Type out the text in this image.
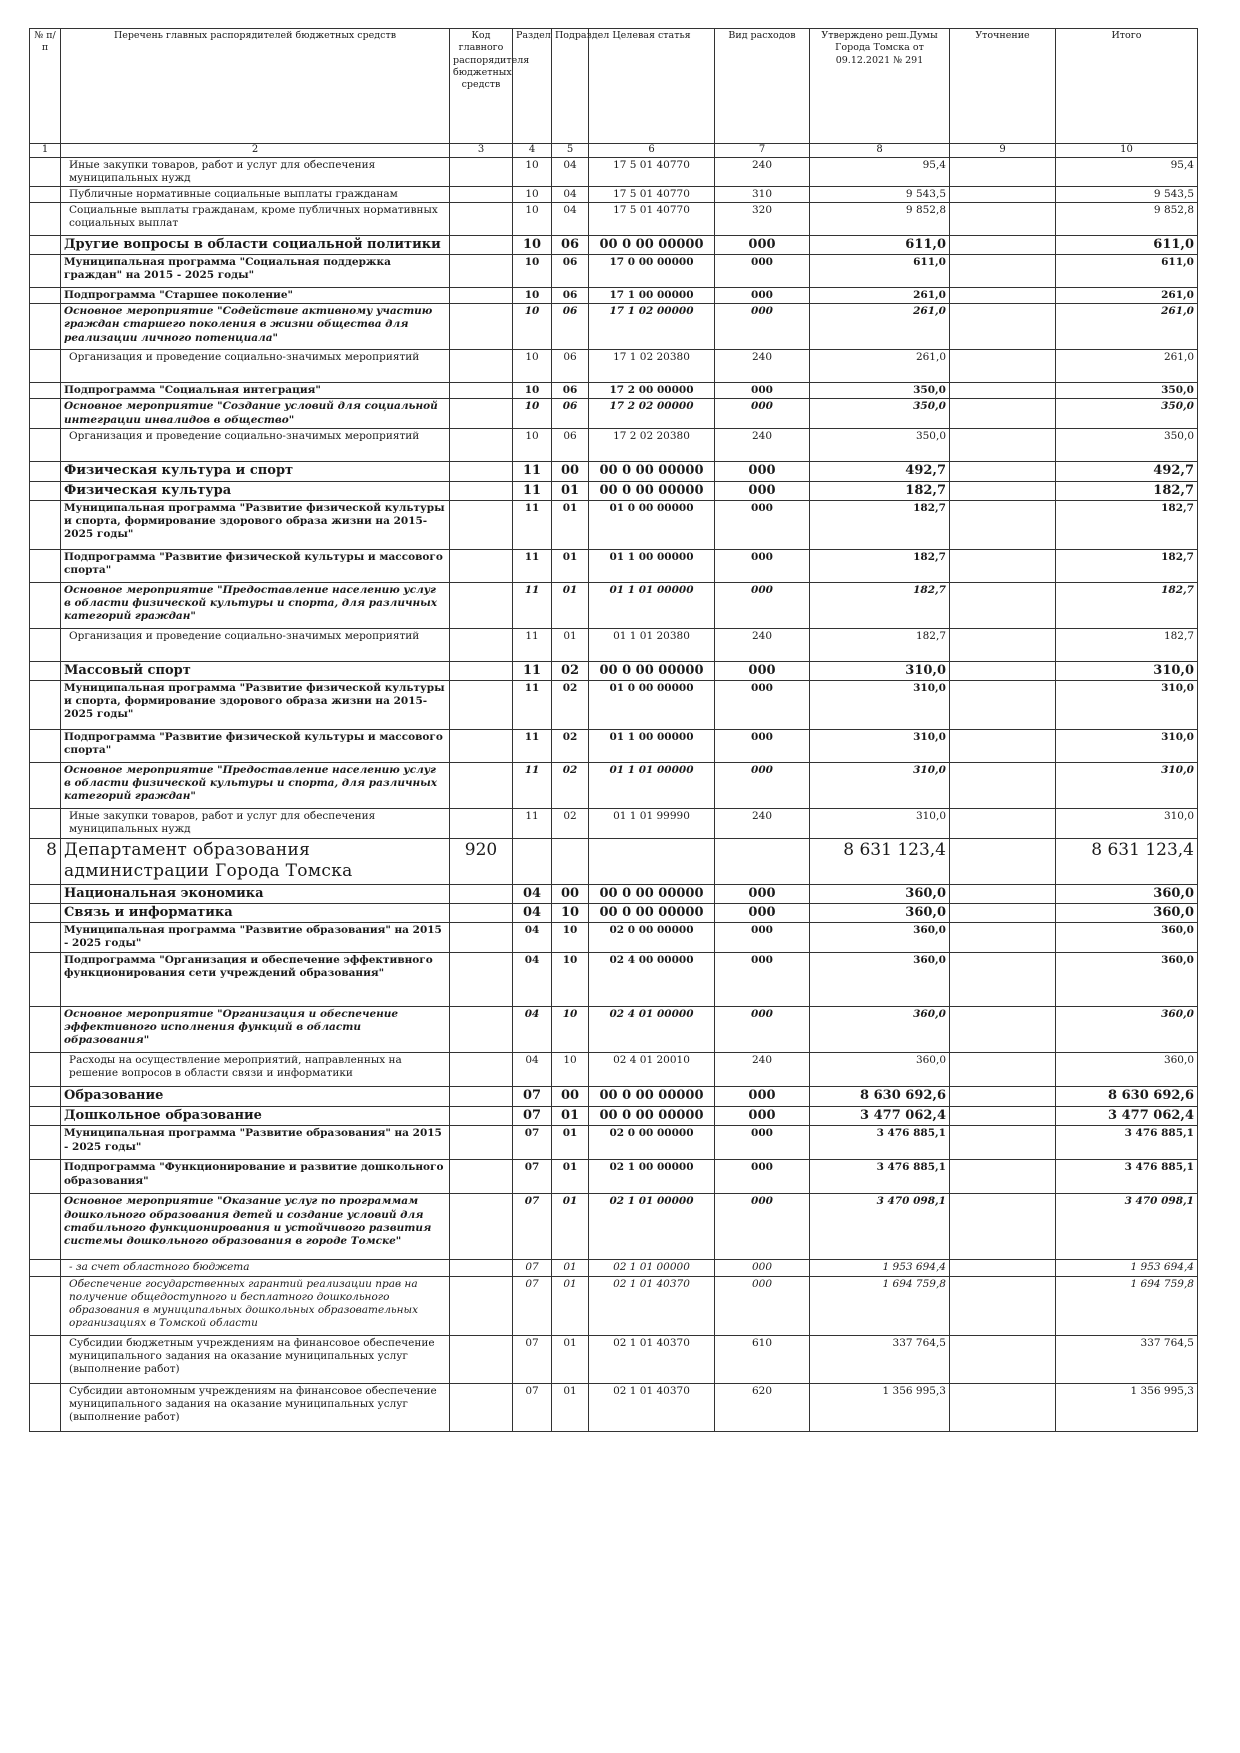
№ п/п	Перечень главных распорядителей бюджетных средств	Код главного распорядителя бюджетных средств	Раздел	Подраздел	Целевая статья	Вид расходов	Утверждено реш.Думы Города Томска от 09.12.2021 № 291	Уточнение	Итого
1	2	3	4	5	6	7	8	9	10
	Иные закупки товаров, работ и услуг для обеспечения муниципальных нужд		10	04	17 5 01 40770	240	95,4		95,4
	Публичные нормативные социальные выплаты гражданам		10	04	17 5 01 40770	310	9 543,5		9 543,5
	Социальные выплаты гражданам, кроме публичных нормативных социальных выплат		10	04	17 5 01 40770	320	9 852,8		9 852,8
	Другие вопросы в области социальной политики		10	06	00 0 00 00000	000	611,0		611,0
	Муниципальная программа "Социальная поддержка граждан" на 2015 - 2025 годы"		10	06	17 0 00 00000	000	611,0		611,0
	Подпрограмма "Старшее поколение"		10	06	17 1 00 00000	000	261,0		261,0
	Основное мероприятие "Содействие активному участию граждан старшего поколения в жизни общества для реализации личного потенциала"		10	06	17 1 02 00000	000	261,0		261,0
	Организация и проведение социально-значимых мероприятий		10	06	17 1 02 20380	240	261,0		261,0
	Подпрограмма "Социальная интеграция"		10	06	17 2 00 00000	000	350,0		350,0
	Основное мероприятие "Создание условий для социальной интеграции инвалидов в общество"		10	06	17 2 02 00000	000	350,0		350,0
	Организация и проведение социально-значимых мероприятий		10	06	17 2 02 20380	240	350,0		350,0
	Физическая культура и спорт		11	00	00 0 00 00000	000	492,7		492,7
	Физическая культура		11	01	00 0 00 00000	000	182,7		182,7
	Муниципальная программа "Развитие физической культуры и спорта, формирование здорового образа жизни на 2015-2025 годы"		11	01	01 0 00 00000	000	182,7		182,7
	Подпрограмма "Развитие физической культуры и массового спорта"		11	01	01 1 00 00000	000	182,7		182,7
	Основное мероприятие "Предоставление населению услуг в области физической культуры и спорта, для различных категорий граждан"		11	01	01 1 01 00000	000	182,7		182,7
	Организация и проведение социально-значимых мероприятий		11	01	01 1 01 20380	240	182,7		182,7
	Массовый спорт		11	02	00 0 00 00000	000	310,0		310,0
	Муниципальная программа "Развитие физической культуры и спорта, формирование здорового образа жизни на 2015-2025 годы"		11	02	01 0 00 00000	000	310,0		310,0
	Подпрограмма "Развитие физической культуры и массового спорта"		11	02	01 1 00 00000	000	310,0		310,0
	Основное мероприятие "Предоставление населению услуг в области физической культуры и спорта, для различных категорий граждан"		11	02	01 1 01 00000	000	310,0		310,0
	Иные закупки товаров, работ и услуг для обеспечения муниципальных нужд		11	02	01 1 01 99990	240	310,0		310,0
8	Департамент образования администрации Города Томска	920					8 631 123,4		8 631 123,4
	Национальная экономика		04	00	00 0 00 00000	000	360,0		360,0
	Связь и информатика		04	10	00 0 00 00000	000	360,0		360,0
	Муниципальная программа "Развитие образования" на 2015 - 2025 годы"		04	10	02 0 00 00000	000	360,0		360,0
	Подпрограмма "Организация и обеспечение эффективного функционирования сети учреждений образования"		04	10	02 4 00 00000	000	360,0		360,0
	Основное мероприятие "Организация и обеспечение эффективного исполнения функций в области образования"		04	10	02 4 01 00000	000	360,0		360,0
	Расходы на осуществление мероприятий, направленных на решение вопросов в области связи и информатики		04	10	02 4 01 20010	240	360,0		360,0
	Образование		07	00	00 0 00 00000	000	8 630 692,6		8 630 692,6
	Дошкольное образование		07	01	00 0 00 00000	000	3 477 062,4		3 477 062,4
	Муниципальная программа "Развитие образования" на 2015 - 2025 годы"		07	01	02 0 00 00000	000	3 476 885,1		3 476 885,1
	Подпрограмма "Функционирование и развитие дошкольного образования"		07	01	02 1 00 00000	000	3 476 885,1		3 476 885,1
	Основное мероприятие "Оказание услуг по программам дошкольного образования детей и создание условий для стабильного функционирования и устойчивого развития системы дошкольного образования в городе Томске"		07	01	02 1 01 00000	000	3 470 098,1		3 470 098,1
	- за счет областного бюджета		07	01	02 1 01 00000	000	1 953 694,4		1 953 694,4
	Обеспечение государственных гарантий реализации прав на получение общедоступного и бесплатного дошкольного образования в муниципальных дошкольных образовательных организациях в Томской области		07	01	02 1 01 40370	000	1 694 759,8		1 694 759,8
	Субсидии бюджетным учреждениям на финансовое обеспечение муниципального задания на оказание муниципальных услуг (выполнение работ)		07	01	02 1 01 40370	610	337 764,5		337 764,5
	Субсидии автономным учреждениям на финансовое обеспечение муниципального задания на оказание муниципальных услуг (выполнение работ)		07	01	02 1 01 40370	620	1 356 995,3		1 356 995,3
